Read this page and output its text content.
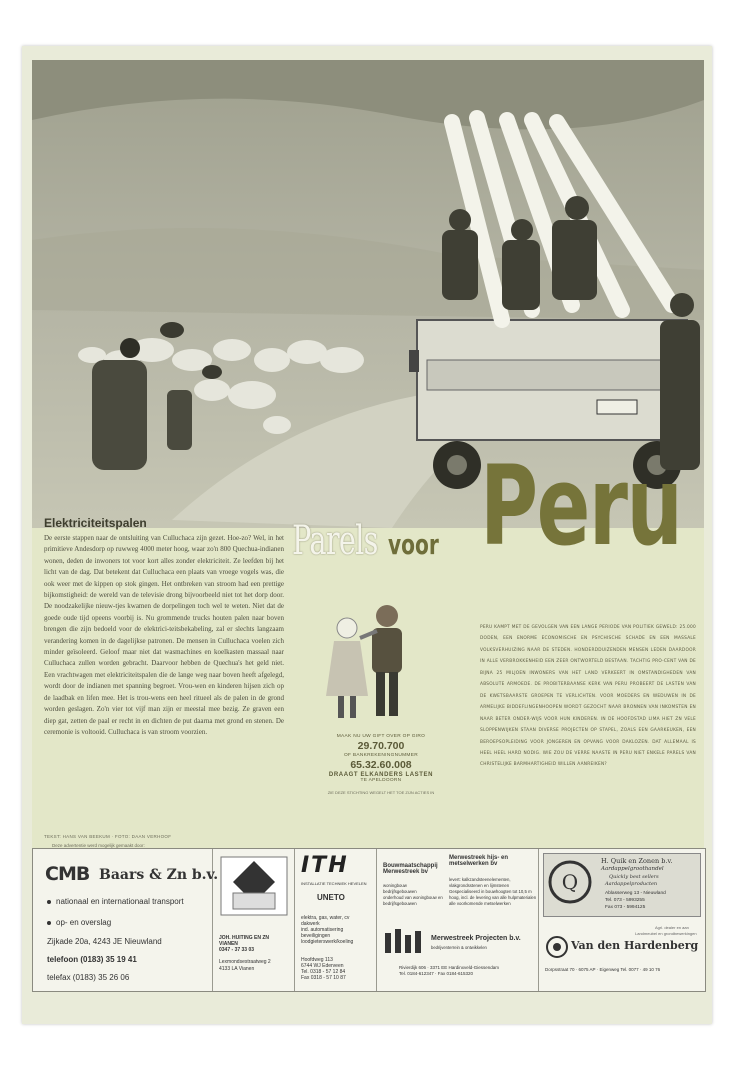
Elektriciteitspalen

De eerste stappen naar de ontsluiting van Culluchaca zijn gezet. Hoe-zo? Wel, in het primitieve Andesdorp op ruwweg 4000 meter hoog, waar zo'n 800 Quechua-indianen wonen, deden de inwoners tot voor kort alles zonder elektriciteit. Ze leefden bij het licht van de dag. Dat betekent dat Culluchaca een plaats van vroege vogels was, die ook weer met de kippen op stok gingen. Het ontbreken van stroom had een prettige bijkomstigheid: de wereld van de televisie drong bijvoorbeeld niet tot het dorp door. De noodzakelijke nieuw-tjes kwamen de dorpelingen toch wel te weten. Niet dat de goede oude tijd opeens voorbij is. Nu grommende trucks houten palen naar boven brengen die zijn bedoeld voor de elektrici-teitsbekabeling, zal er slechts langzaam verandering komen in de dagelijkse patronen. De mensen in Culluchaca voelen zich minder geïsoleerd. Geloof maar niet dat wasmachines en koelkasten massaal naar Culluchaca zullen worden gebracht. Daarvoor hebben de Quechua's het geld niet. Een vrachtwagen met elektriciteitspalen die de lange weg naar boven heeft afgelegd, wordt door de indianen met spanning begroet. Vrou-wen en kinderen hijsen zich op de laadbak en lifen mee. Het is trou-wens een heel ritueel als de palen in de grond worden geslagen. Zo'n vier tot vijf man zijn er meestal mee bezig. Ze graven een diep gat, zetten de paal er recht in en dichten de put daarna met grond en stenen. De ceremonie is voltooid. Culluchaca is van stroom voorzien.

TEKST: HANS VAN BEEKUM · FOTO: DAAN VERHOOF
Parels voor Peru
MAAK NU UW GIFT OVER OP GIRO
29.70.700
OF BANKREKENINGNUMMER
65.32.60.008
DRAAGT ELKANDERS LASTEN
TE APELDOORN
ZIE DEZE STICHTING WEGELT HET TOE ZIJN ACTIES IN
PERU KAMPT MET DE GEVOLGEN VAN EEN LANGE PERIODE VAN POLITIEK GEWELD: 25.000 DODEN, EEN ENORME ECONOMISCHE EN PSYCHISCHE SCHADE EN EEN MASSALE VOLKSVERHUIZING NAAR DE STEDEN. HONDERDDUIZENDEN MENSEN LEDEN DAARDOOR IN ALLE VERBROKKENHEID EEN ZEER ONTWORTELD BESTAAN. TACHTIG PRO-CENT VAN DE BIJNA 25 MILJOEN INWONERS VAN HET LAND VERKEERT IN OMSTANDIGHEDEN VAN ABSOLUTE ARMOEDE. DE PROBITERBAANSE KERK VAN PERU PROBEERT DE LASTEN VAN DE KWETSBAARSTE GROEPEN TE VERLICHTEN. VOOR MOEDERS EN WEDUWEN IN DE ARMELIJKE BIDDEFLINGENHOOPEN WORDT GEZOCHT NAAR BRONNEN VAN INKOMSTEN EN NAAR BETER ONDER-WIJS VOOR HUN KINDEREN. IN DE HOOFDSTAD LIMA HIET ZN VELE SLOPPENWIJKEN STAAN DIVERSE PROJECTEN OP STAPEL, ZOALS EEN GAARKEUKEN, EEN BEROEPSOPLEIDING VOOR JONGEREN EN OPVANG VOOR DAKLOZEN. DAT ALLEMAAL IS HEEL HEEL HARD NODIG. WIE ZOU DE VERRE NAASTE IN PERU NIET ENKELE PARELS VAN CHRISTELIJKE BARMHARTIGHEID WILLEN AANREIKEN?
Deze advertentie werd mogelijk gemaakt door:
CMB Baars & Zn b.v.
nationaal en internationaal transport
op- en overslag
Zijkade 20a, 4243 JE Nieuwland
telefoon (0183) 35 19 41
telefax (0183) 35 26 06
JOH. HUITING EN ZN
VIANEN
0347 - 37 33 03
Lexmondsestraatweg 2
4133 LA Vianen
ITH
INSTALLATIE TECHNIEK HEVELEN
UNETO
elektra, gas, water, cv
dakwerk
ind. automatisering
beveiligingen
loodgieterswerk/koeling
Hoofdweg 113
6744 WJ Ederveen
Tel. 0318 - 57 12 84
Fax 0318 - 57 10 87
Bouwmaatschappij Merwestreek bv
woningbouw
bedrijfsgebouwen
onderhoud van woningbouw en bedrijfsgebouwen
Merwestreek hijs- en metselwerken bv
levert: kalkzandsteenelementen, vlakgrondsstenen en lijmstenen
Gespecialiseerd in bouwhoogten tot 10,5 m hoog, incl. de levering van alle hulpmaterialen
alle voorkomende metselwerken
Merwestreek Projecten b.v.
bedrijventerrein & ontwikkelen
Rivierdijk 606 · 3371 EE Hardinxveld-Giessendam
Tel. 0184-612347 · Fax 0184-615320
Q
H. Quik en Zonen b.v.
Aardappelgroothandel
Quickly best sellers
Aardappelproducten
Ablasserweg 13 - Nieuwland
Tel. 073 - 5993255
Fax 073 - 5994125
Agrl. dealer en aan
Landmeubel en grondbewerkingen
Van den Hardenberg
Dorpsstraat 70 · 6075 AP · Eigenweg Tel. 0077 · 49 10 76
